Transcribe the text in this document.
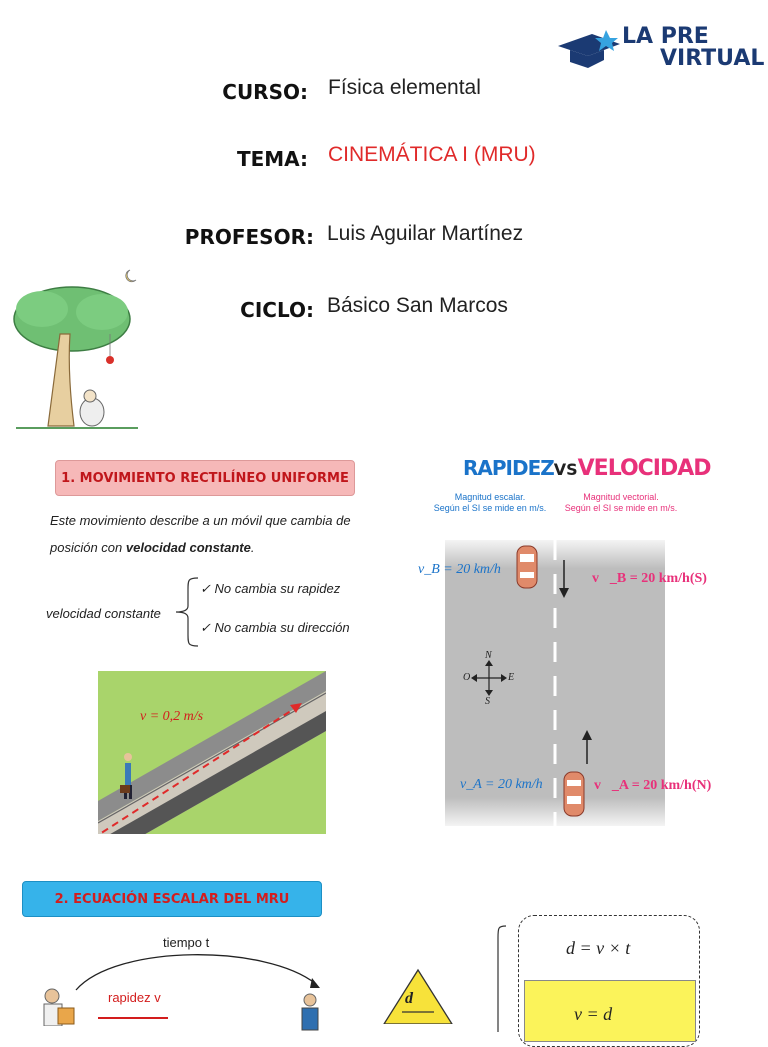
LA PRE
VIRTUAL
CURSO: Física elemental
TEMA: CINEMÁTICA I (MRU)
PROFESOR: Luis Aguilar Martínez
CICLO: Básico San Marcos
1. MOVIMIENTO RECTILÍNEO UNIFORME
Este movimiento describe a un móvil que cambia de
posición con velocidad constante.
velocidad constante
✓ No cambia su rapidez
✓ No cambia su dirección
v = 0,2 m/s
RAPIDEZVSVELOCIDAD
Magnitud escalar.
Según el SI se mide en m/s.
Magnitud vectorial.
Según el SI se mide en m/s.
N
S
E
O
v_B = 20 km/h
v⃗_B = 20 km/h(S)
v_A = 20 km/h	v⃗_A = 20 km/h(N)
2. ECUACIÓN ESCALAR DEL MRU
tiempo t
rapidez v	d
d = v × t
v = d
